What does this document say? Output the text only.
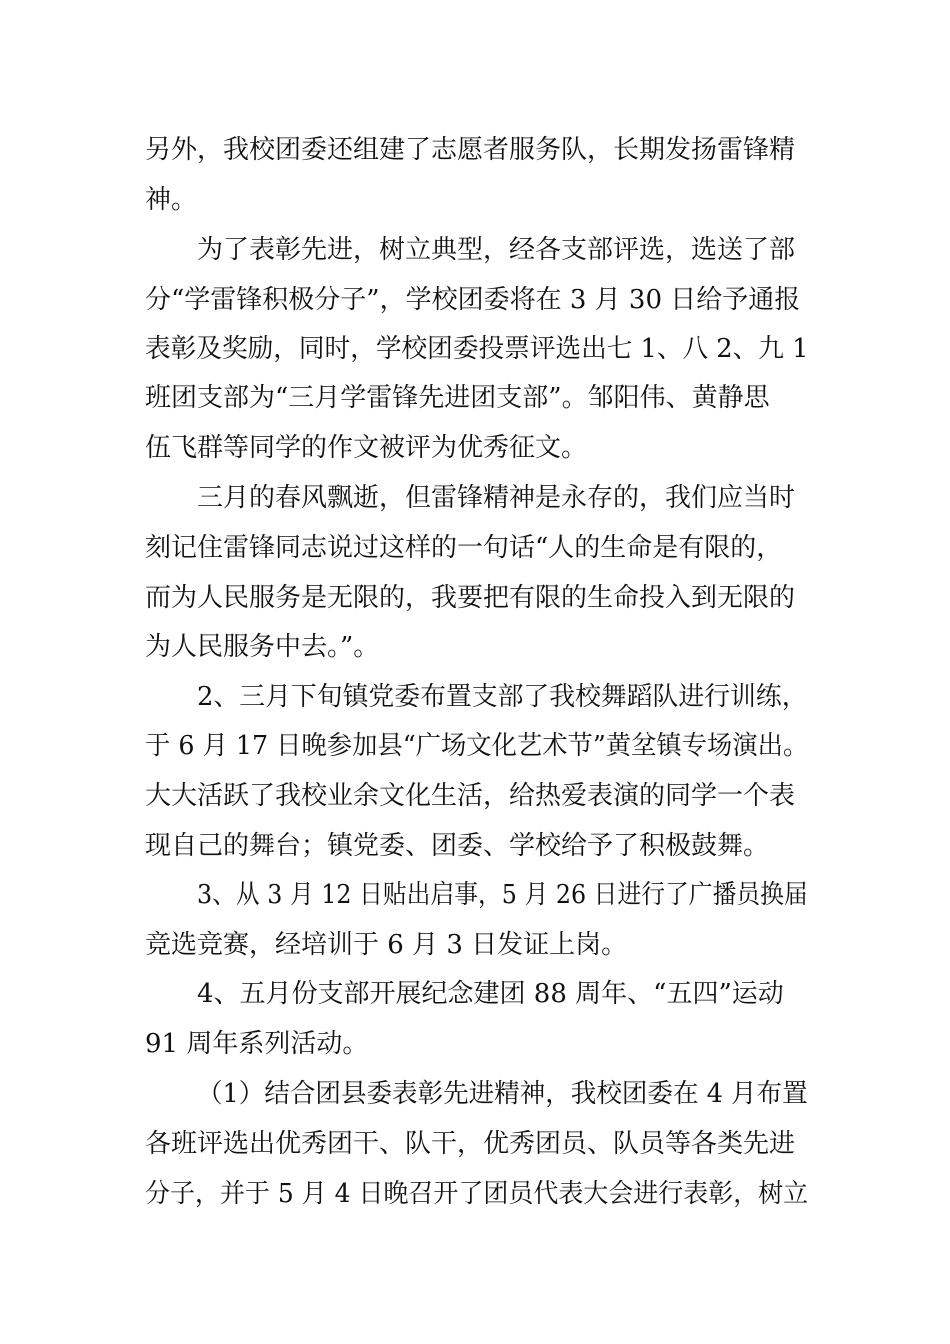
另外，我校团委还组建了志愿者服务队，长期发扬雷锋精
神。
为了表彰先进，树立典型，经各支部评选，选送了部
分“学雷锋积极分子”，学校团委将在 3 月 30 日给予通报
表彰及奖励，同时，学校团委投票评选出七 1、八 2、九 1
班团支部为“三月学雷锋先进团支部”。邹阳伟、黄静思
伍飞群等同学的作文被评为优秀征文。
三月的春风飘逝，但雷锋精神是永存的，我们应当时
刻记住雷锋同志说过这样的一句话“人的生命是有限的，
而为人民服务是无限的，我要把有限的生命投入到无限的
为人民服务中去。”。
2、三月下旬镇党委布置支部了我校舞蹈队进行训练，
于 6 月 17 日晚参加县“广场文化艺术节”黄坌镇专场演出。
大大活跃了我校业余文化生活，给热爱表演的同学一个表
现自己的舞台；镇党委、团委、学校给予了积极鼓舞。
3、从 3 月 12 日贴出启事，5 月 26 日进行了广播员换届
竞选竞赛，经培训于 6 月 3 日发证上岗。
4、五月份支部开展纪念建团 88 周年、“五四”运动
91 周年系列活动。
（1）结合团县委表彰先进精神，我校团委在 4 月布置
各班评选出优秀团干、队干，优秀团员、队员等各类先进
分子，并于 5 月 4 日晚召开了团员代表大会进行表彰，树立
